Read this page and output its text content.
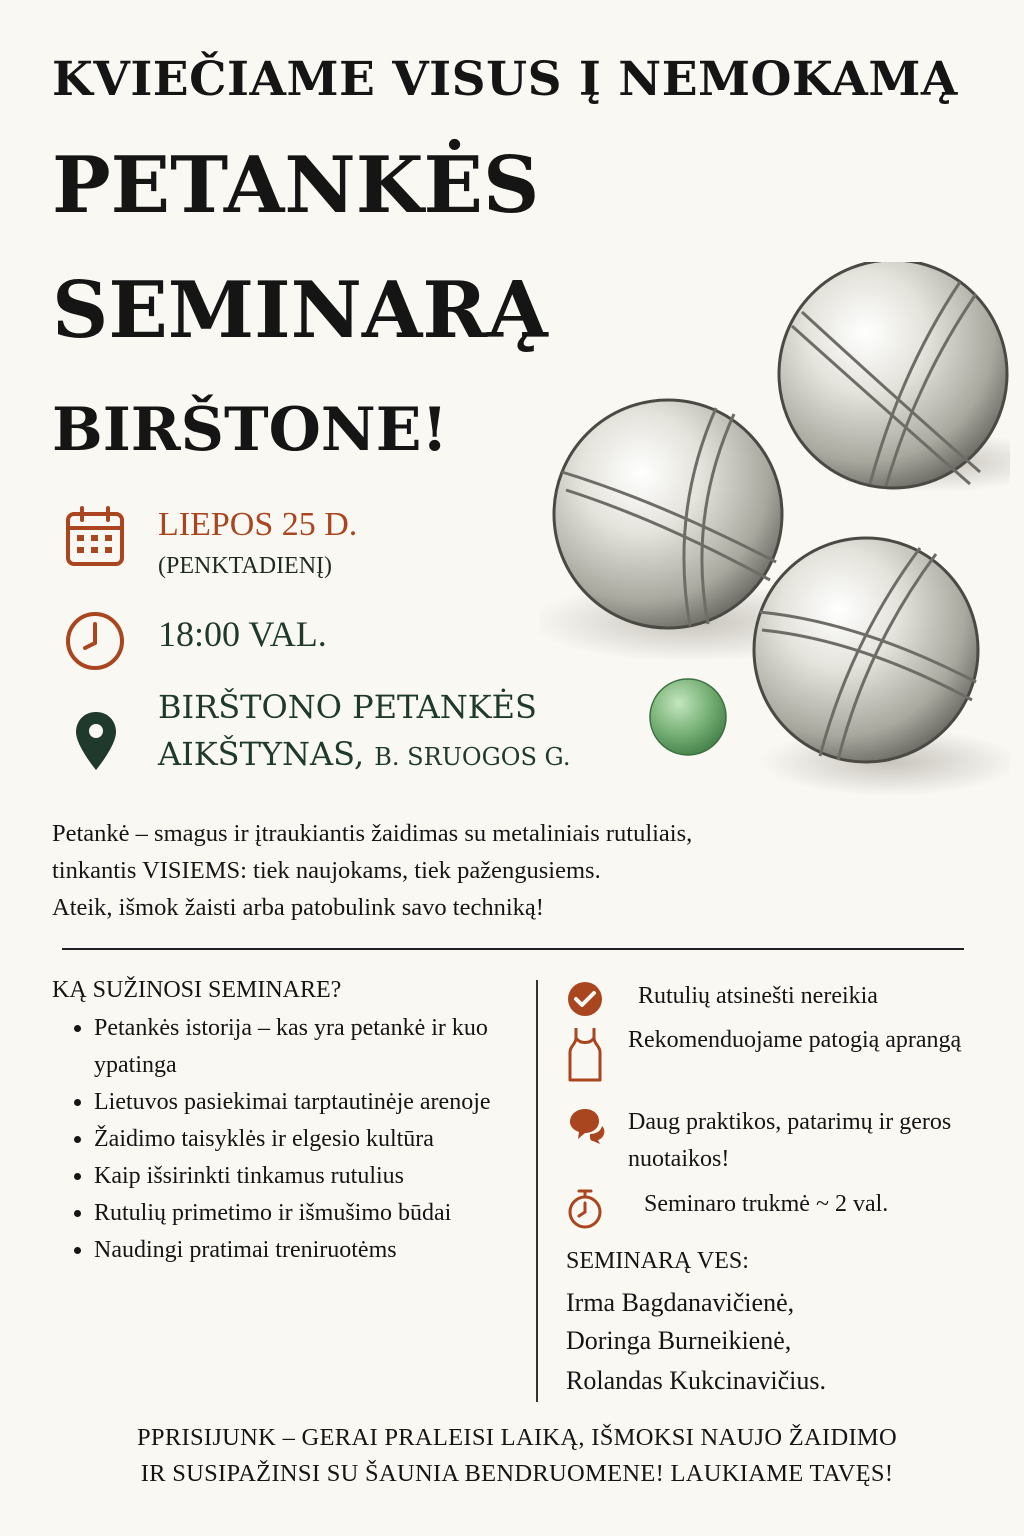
KVIEČIAME VISUS Į NEMOKAMĄ
PETANKĖS
SEMINARĄ
BIRŠTONE!
LIEPOS 25 D.
(PENKTADIENĮ)
18:00 VAL.
BIRŠTONO PETANKĖS
AIKŠTYNAS, B. SRUOGOS G.
Petankė – smagus ir įtraukiantis žaidimas su metaliniais rutuliais,
tinkantis VISIEMS: tiek naujokams, tiek pažengusiems.
Ateik, išmok žaisti arba patobulink savo techniką!
KĄ SUŽINOSI SEMINARE?
• Petankės istorija – kas yra petankė ir kuo ypatinga
• Lietuvos pasiekimai tarptautinėje arenoje
• Žaidimo taisyklės ir elgesio kultūra
• Kaip išsirinkti tinkamus rutulius
• Rutulių primetimo ir išmušimo būdai
• Naudingi pratimai treniruotėms
Rutulių atsinešti nereikia
Rekomenduojame patogią aprangą
Daug praktikos, patarimų ir geros nuotaikos!
Seminaro trukmė ~ 2 val.
SEMINARĄ VES:
Irma Bagdanavičienė,
Doringa Burneikienė,
Rolandas Kukcinavičius.
PPRISIJUNK – GERAI PRALEISI LAIKĄ, IŠMOKSI NAUJO ŽAIDIMO
IR SUSIPAŽINSI SU ŠAUNIA BENDRUOMENE! LAUKIAME TAVĘS!
